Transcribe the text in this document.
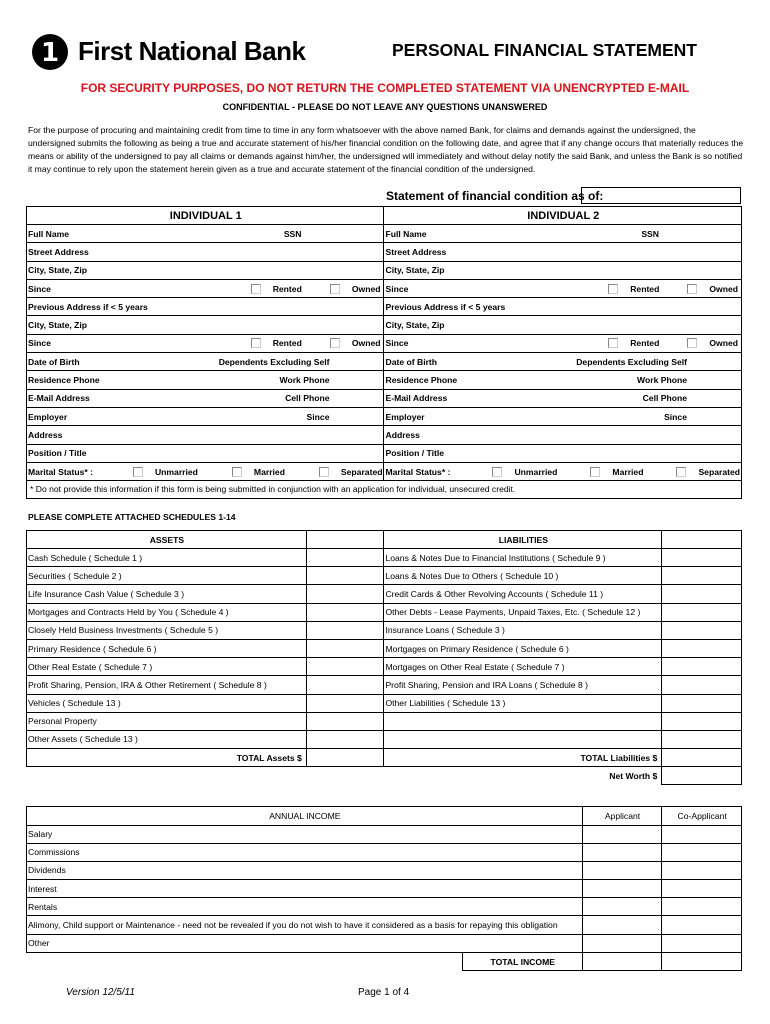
1 First National Bank	PERSONAL FINANCIAL STATEMENT
FOR SECURITY PURPOSES, DO NOT RETURN THE COMPLETED STATEMENT VIA UNENCRYPTED E-MAIL
CONFIDENTIAL - PLEASE DO NOT LEAVE ANY QUESTIONS UNANSWERED
For the purpose of procuring and maintaining credit from time to time in any form whatsoever with the above named Bank, for claims and demands against the undersigned, the undersigned submits the following as being a true and accurate statement of his/her financial condition on the following date, and agree that if any change occurs that materially reduces the means or ability of the undersigned to pay all claims or demands against him/her, the undersigned will immediately and without delay notify the said Bank, and unless the Bank is so notified it may continue to rely upon the statement herein given as a true and accurate statement of the financial condition of the undersigned.
Statement of financial condition as of:
INDIVIDUAL 1	INDIVIDUAL 2

Full Name SSN	Full Name SSN

Street Address	Street Address
City, State, Zip	City, State, Zip

Since Rented Owned	Since Rented Owned

Previous Address if < 5 years	Previous Address if < 5 years
City, State, Zip	City, State, Zip

Since Rented Owned	Since Rented Owned

Date of Birth Dependents Excluding Self	Date of Birth Dependents Excluding Self

Residence Phone Work Phone	Residence Phone Work Phone

E-Mail Address Cell Phone	E-Mail Address Cell Phone

Employer Since	Employer Since

Address	Address
Position / Title	Position / Title

Marital Status* : Unmarried Married Separated	Marital Status* : Unmarried Married Separated

* Do not provide this information if this form is being submitted in conjunction with an application for individual, unsecured credit.
PLEASE COMPLETE ATTACHED SCHEDULES 1-14
ASSETS		LIABILITIES	
Cash Schedule ( Schedule 1 )		Loans & Notes Due to Financial Institutions ( Schedule 9 )	
Securities ( Schedule 2 )		Loans & Notes Due to Others ( Schedule 10 )	
Life Insurance Cash Value ( Schedule 3 )		Credit Cards & Other Revolving Accounts ( Schedule 11 )	
Mortgages and Contracts Held by You ( Schedule 4 )		Other Debts - Lease Payments, Unpaid Taxes, Etc. ( Schedule 12 )	
Closely Held Business Investments ( Schedule 5 )		Insurance Loans ( Schedule 3 )	
Primary Residence ( Schedule 6 )		Mortgages on Primary Residence ( Schedule 6 )	
Other Real Estate ( Schedule 7 )		Mortgages on Other Real Estate ( Schedule 7 )	
Profit Sharing, Pension, IRA & Other Retirement ( Schedule 8 )		Profit Sharing, Pension and IRA Loans ( Schedule 8 )	
Vehicles ( Schedule 13 )		Other Liabilities ( Schedule 13 )	
Personal Property			
Other Assets ( Schedule 13 )			
TOTAL Assets $		TOTAL Liabilities $	
		Net Worth $	
ANNUAL INCOME		Applicant	Co-Applicant
Salary			
Commissions			
Dividends			
Interest			
Rentals			
Alimony, Child support or Maintenance - need not be revealed if you do not wish to have it considered as a basis for repaying this obligation			
Other			
	TOTAL INCOME		
Version 12/5/11	Page 1 of 4
